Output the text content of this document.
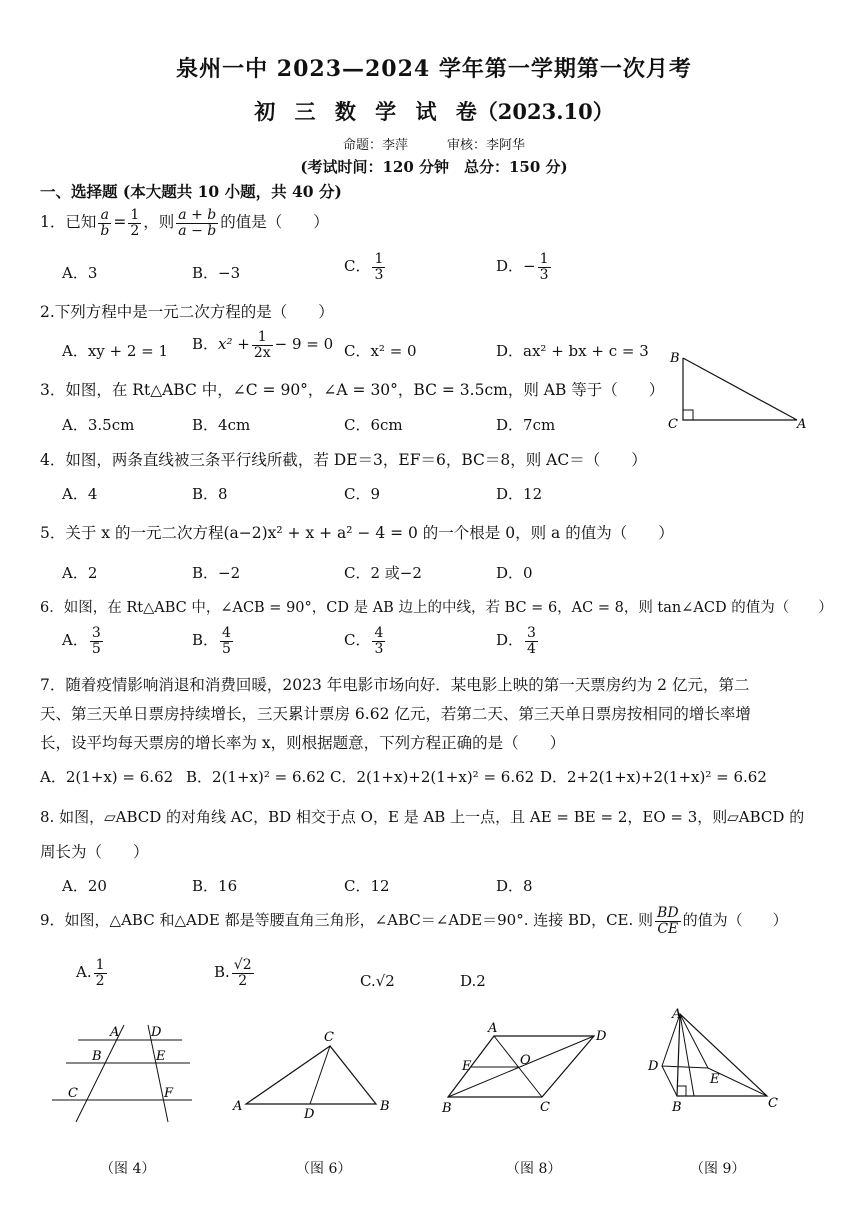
泉州一中 2023—2024 学年第一学期第一次月考
初 三 数 学 试 卷（2023.10）
命题：李萍　　　审核：李阿华
(考试时间：120 分钟　总分：150 分)
一、选择题 (本大题共 10 小题，共 40 分)
1．已知 $\frac{a}{b} = \frac{1}{2}$ ，则 $\frac{a + b}{a - b}$ 的值是（　　）
A．3	B．−3	C． $\frac{1}{3}$	D．− $\frac{1}{3}$
2.下列方程中是一元二次方程的是（　　）
A．xy + 2 = 1 B．$x^2 + \frac{1}{2x} - 9 = 0$ C．x² = 0	D．ax² + bx + c = 3 B
C	A
3．如图，在 Rt△ABC 中，∠C = 90°，∠A = 30°，BC = 3.5cm，则 AB 等于（　　）
A．3.5cm	B．4cm	C．6cm	D．7cm
4．如图，两条直线被三条平行线所截，若 DE＝3，EF＝6，BC＝8，则 AC＝（　　）
A．4	B．8	C．9	D．12
5．关于 x 的一元二次方程(a−2)x² + x + a² − 4 = 0 的一个根是 0，则 a 的值为（　　）
A．2	B．−2	C．2 或−2	D．0
6．如图，在 Rt△ABC 中，∠ACB = 90°，CD 是 AB 边上的中线，若 BC = 6，AC = 8，则 tan∠ACD 的值为（　　）
A． $\frac{3}{5}$	B． $\frac{4}{5}$	C． $\frac{4}{3}$	D． $\frac{3}{4}$
7．随着疫情影响消退和消费回暖，2023 年电影市场向好．某电影上映的第一天票房约为 2 亿元，第二
天、第三天单日票房持续增长，三天累计票房 6.62 亿元，若第二天、第三天单日票房按相同的增长率增
长，设平均每天票房的增长率为 x，则根据题意，下列方程正确的是（　　）
A．2(1+x) = 6.62 B．2(1+x)² = 6.62 C．2(1+x)+2(1+x)² = 6.62 D．2+2(1+x)+2(1+x)² = 6.62
8. 如图，▱ABCD 的对角线 AC，BD 相交于点 O，E 是 AB 上一点，且 AE = BE = 2，EO = 3，则▱ABCD 的
周长为（　　）
A．20	B．16	C．12	D．8
9．如图，△ABC 和△ADE 都是等腰直角三角形，∠ABC＝∠ADE＝90°. 连接 BD，CE. 则 $\frac{BD}{CE}$ 的值为（　　）
A. $\frac{1}{2}$	B. $\frac{√2}{2}$	C.√2	D.2
A D
B	E
C	F
C
A
D
B
A
D
E	O
B	C
A
D
E
B	C
（图 4）	（图 6）	（图 8）	（图 9）
